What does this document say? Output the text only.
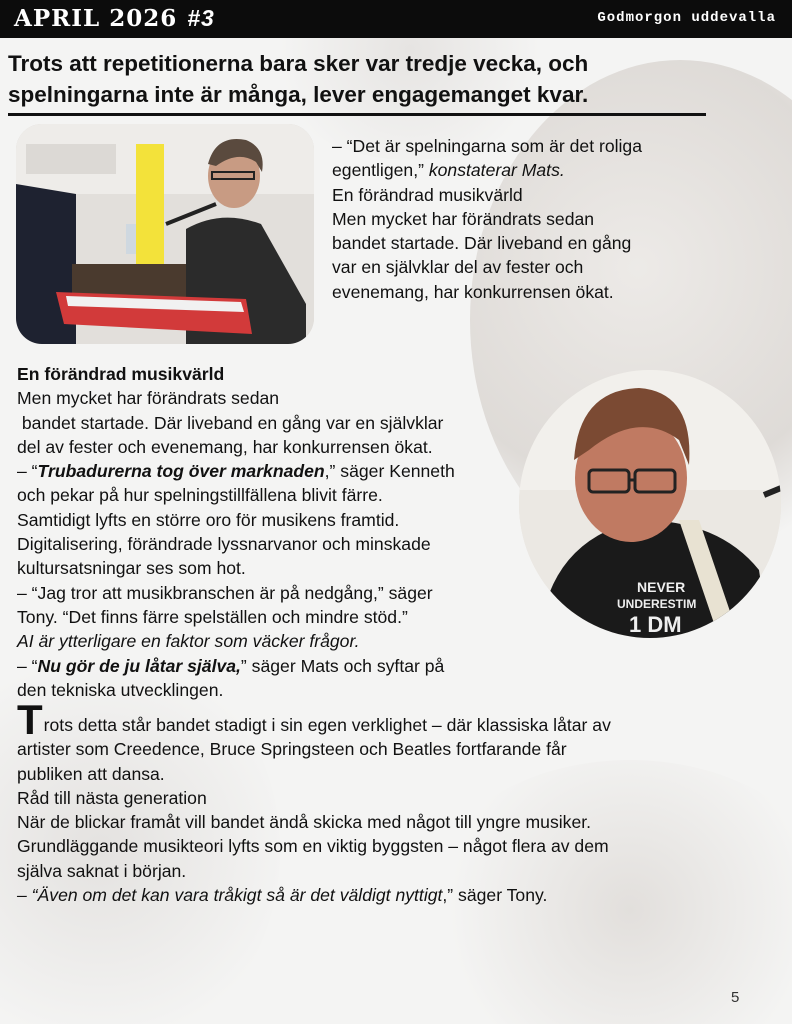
APRIL 2026 #3	Godmorgon uddevalla
Trots att repetitionerna bara sker var tredje vecka, och spelningarna inte är många, lever engagemanget kvar.
NEVER
UNDERESTIM
1 DM
– “Det är spelningarna som är det roliga
egentligen,” konstaterar Mats.
En förändrad musikvärld
Men mycket har förändrats sedan
bandet startade. Där liveband en gång
var en självklar del av fester och
evenemang, har konkurrensen ökat.
En förändrad musikvärld
Men mycket har förändrats sedan
bandet startade. Där liveband en gång var en självklar
del av fester och evenemang, har konkurrensen ökat.
– “Trubadurerna tog över marknaden,” säger Kenneth
och pekar på hur spelningstillfällena blivit färre.
Samtidigt lyfts en större oro för musikens framtid.
Digitalisering, förändrade lyssnarvanor och minskade
kultursatsningar ses som hot.
– “Jag tror att musikbranschen är på nedgång,” säger
Tony. “Det finns färre spelställen och mindre stöd.”
AI är ytterligare en faktor som väcker frågor.
– “Nu gör de ju låtar själva,” säger Mats och syftar på
den tekniska utvecklingen.
Trots detta står bandet stadigt i sin egen verklighet – där klassiska låtar av
artister som Creedence, Bruce Springsteen och Beatles fortfarande får
publiken att dansa.
Råd till nästa generation
När de blickar framåt vill bandet ändå skicka med något till yngre musiker.
Grundläggande musikteori lyfts som en viktig byggsten – något flera av dem
själva saknat i början.
– “Även om det kan vara tråkigt så är det väldigt nyttigt,” säger Tony.
5
